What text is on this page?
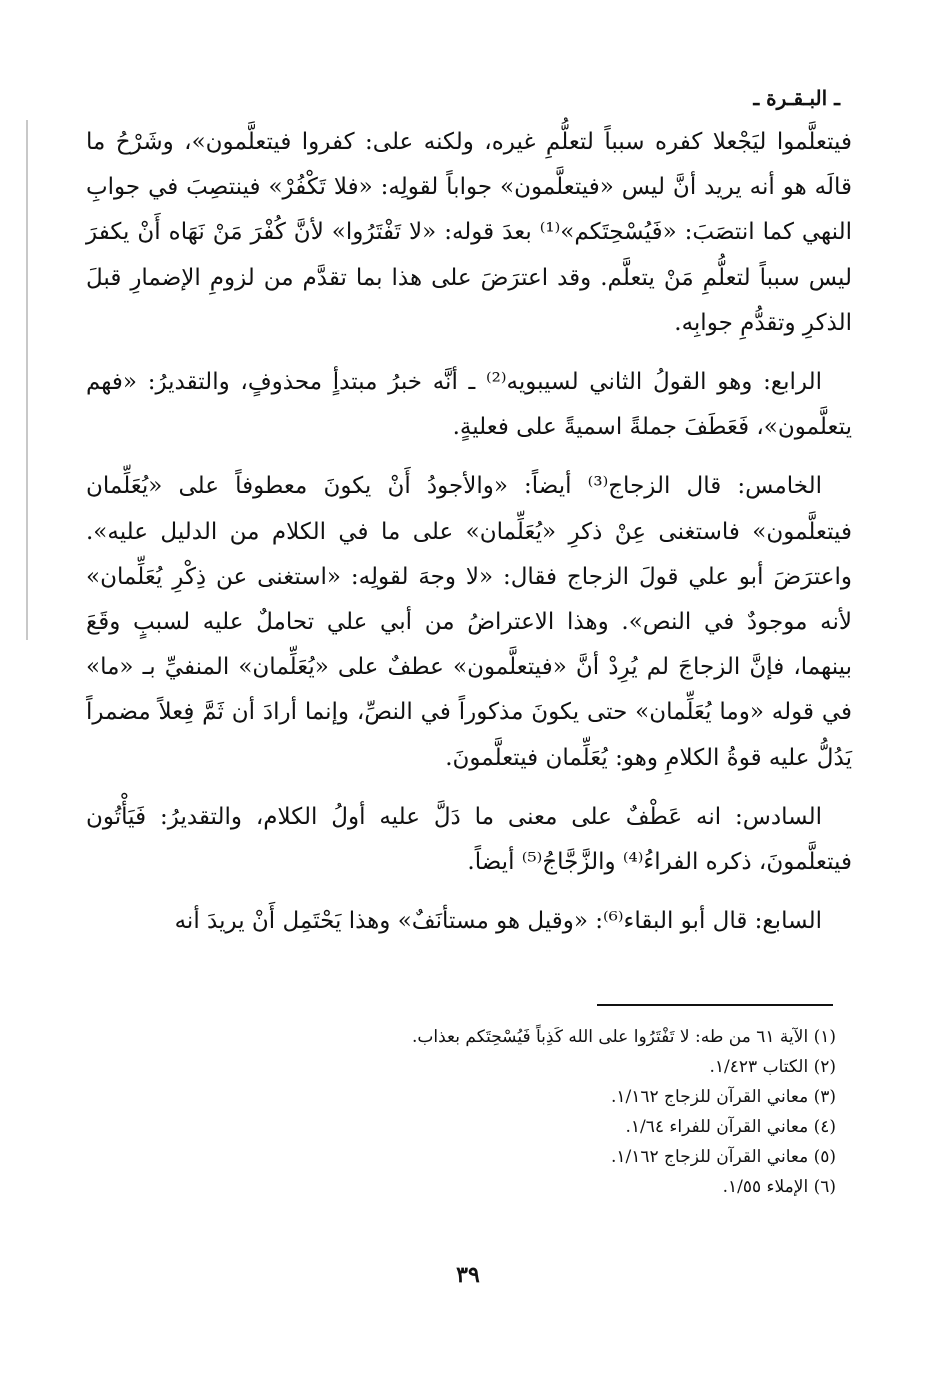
ـ البـقـرة ـ

فيتعلَّموا ليَجْعلا كفره سبباً لتعلُّمِ غيره، ولكنه على: كفروا فيتعلَّمون»، وشَرْحُ ما قالَه هو أنه يريد أنَّ ليس «فيتعلَّمون» جواباً لقولِه: «فلا تَكْفُرْ» فينتصِبَ في جوابِ النهي كما انتصَبَ: «فَيُسْحِتَكم»⁽¹⁾ بعدَ قوله: «لا تَفْتَرُوا» لأنَّ كُفْرَ مَنْ نَهَاه أَنْ يكفرَ ليس سبباً لتعلُّمِ مَنْ يتعلَّم. وقد اعترَضَ على هذا بما تقدَّم من لزومِ الإضمارِ قبلَ الذكرِ وتقدُّمِ جوابِه.

الرابع: وهو القولُ الثاني لسيبويه⁽²⁾ ـ أنَّه خبرُ مبتدأٍ محذوفٍ، والتقديرُ: «فهم يتعلَّمون»، فَعَطَفَ جملةً اسميةً على فعليةٍ.

الخامس: قال الزجاج⁽³⁾ أيضاً: «والأجودُ أَنْ يكونَ معطوفاً على «يُعَلِّمان فيتعلَّمون» فاستغنى عِنْ ذكرِ «يُعَلِّمان» على ما في الكلام من الدليل عليه». واعترَضَ أبو علي قولَ الزجاج فقال: «لا وجهَ لقولِه: «استغنى عن ذِكْرِ يُعَلِّمان» لأنه موجودٌ في النص». وهذا الاعتراضُ من أبي علي تحاملٌ عليه لسببٍ وقَعَ بينهما، فإنَّ الزجاجَ لم يُرِدْ أنَّ «فيتعلَّمون» عطفٌ على «يُعَلِّمان» المنفيِّ بـ «ما» في قوله «وما يُعَلِّمان» حتى يكونَ مذكوراً في النصِّ، وإنما أرادَ أن ثَمَّ فِعلاً مضمراً يَدُلُّ عليه قوةُ الكلامِ وهو: يُعَلِّمان فيتعلَّمونَ.

السادس: انه عَطْفٌ على معنى ما دَلَّ عليه أولُ الكلام، والتقديرُ: فَيَأْتُون فيتعلَّمونَ، ذكره الفراءُ⁽⁴⁾ والزَّجَّاجُ⁽⁵⁾ أيضاً.

السابع: قال أبو البقاء⁽⁶⁾: «وقيل هو مستأنَفٌ» وهذا يَحْتَمِل أَنْ يريدَ أنه

(١) الآية ٦١ من طه: لا تَفْتَرُوا على الله كَذِباً فَيُسْحِتَكم بعذاب.
(٢) الكتاب ١/٤٢٣.
(٣) معاني القرآن للزجاج ١/١٦٢.
(٤) معاني القرآن للفراء ١/٦٤.
(٥) معاني القرآن للزجاج ١/١٦٢.
(٦) الإملاء ١/٥٥.
٣٩
